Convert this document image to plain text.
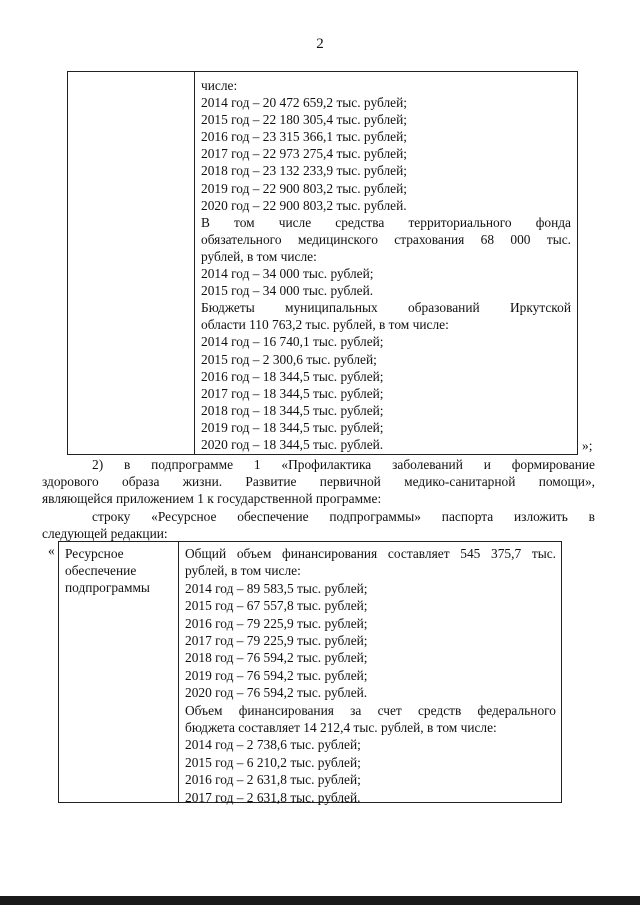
2
числе:
2014 год – 20 472 659,2 тыс. рублей;
2015 год – 22 180 305,4 тыс. рублей;
2016 год – 23 315 366,1 тыс. рублей;
2017 год – 22 973 275,4 тыс. рублей;
2018 год – 23 132 233,9 тыс. рублей;
2019 год – 22 900 803,2 тыс. рублей;
2020 год – 22 900 803,2 тыс. рублей.
В том числе средства территориального фонда
обязательного медицинского страхования 68 000 тыс.
рублей, в том числе:
2014 год – 34 000 тыс. рублей;
2015 год – 34 000 тыс. рублей.
Бюджеты муниципальных образований Иркутской
области 110 763,2 тыс. рублей, в том числе:
2014 год – 16 740,1 тыс. рублей;
2015 год – 2 300,6 тыс. рублей;
2016 год – 18 344,5 тыс. рублей;
2017 год – 18 344,5 тыс. рублей;
2018 год – 18 344,5 тыс. рублей;
2019 год – 18 344,5 тыс. рублей;
2020 год – 18 344,5 тыс. рублей.	»;
2) в подпрограмме 1 «Профилактика заболеваний и формирование
здорового образа жизни. Развитие первичной медико-санитарной помощи»,
являющейся приложением 1 к государственной программе:
строку «Ресурсное обеспечение подпрограммы» паспорта изложить в
следующей редакции:
« Ресурсное
обеспечение
подпрограммы
Общий объем финансирования составляет 545 375,7 тыс.
рублей, в том числе:
2014 год – 89 583,5 тыс. рублей;
2015 год – 67 557,8 тыс. рублей;
2016 год – 79 225,9 тыс. рублей;
2017 год – 79 225,9 тыс. рублей;
2018 год – 76 594,2 тыс. рублей;
2019 год – 76 594,2 тыс. рублей;
2020 год – 76 594,2 тыс. рублей.
Объем финансирования за счет средств федерального
бюджета составляет 14 212,4 тыс. рублей, в том числе:
2014 год – 2 738,6 тыс. рублей;
2015 год – 6 210,2 тыс. рублей;
2016 год – 2 631,8 тыс. рублей;
2017 год – 2 631,8 тыс. рублей.
